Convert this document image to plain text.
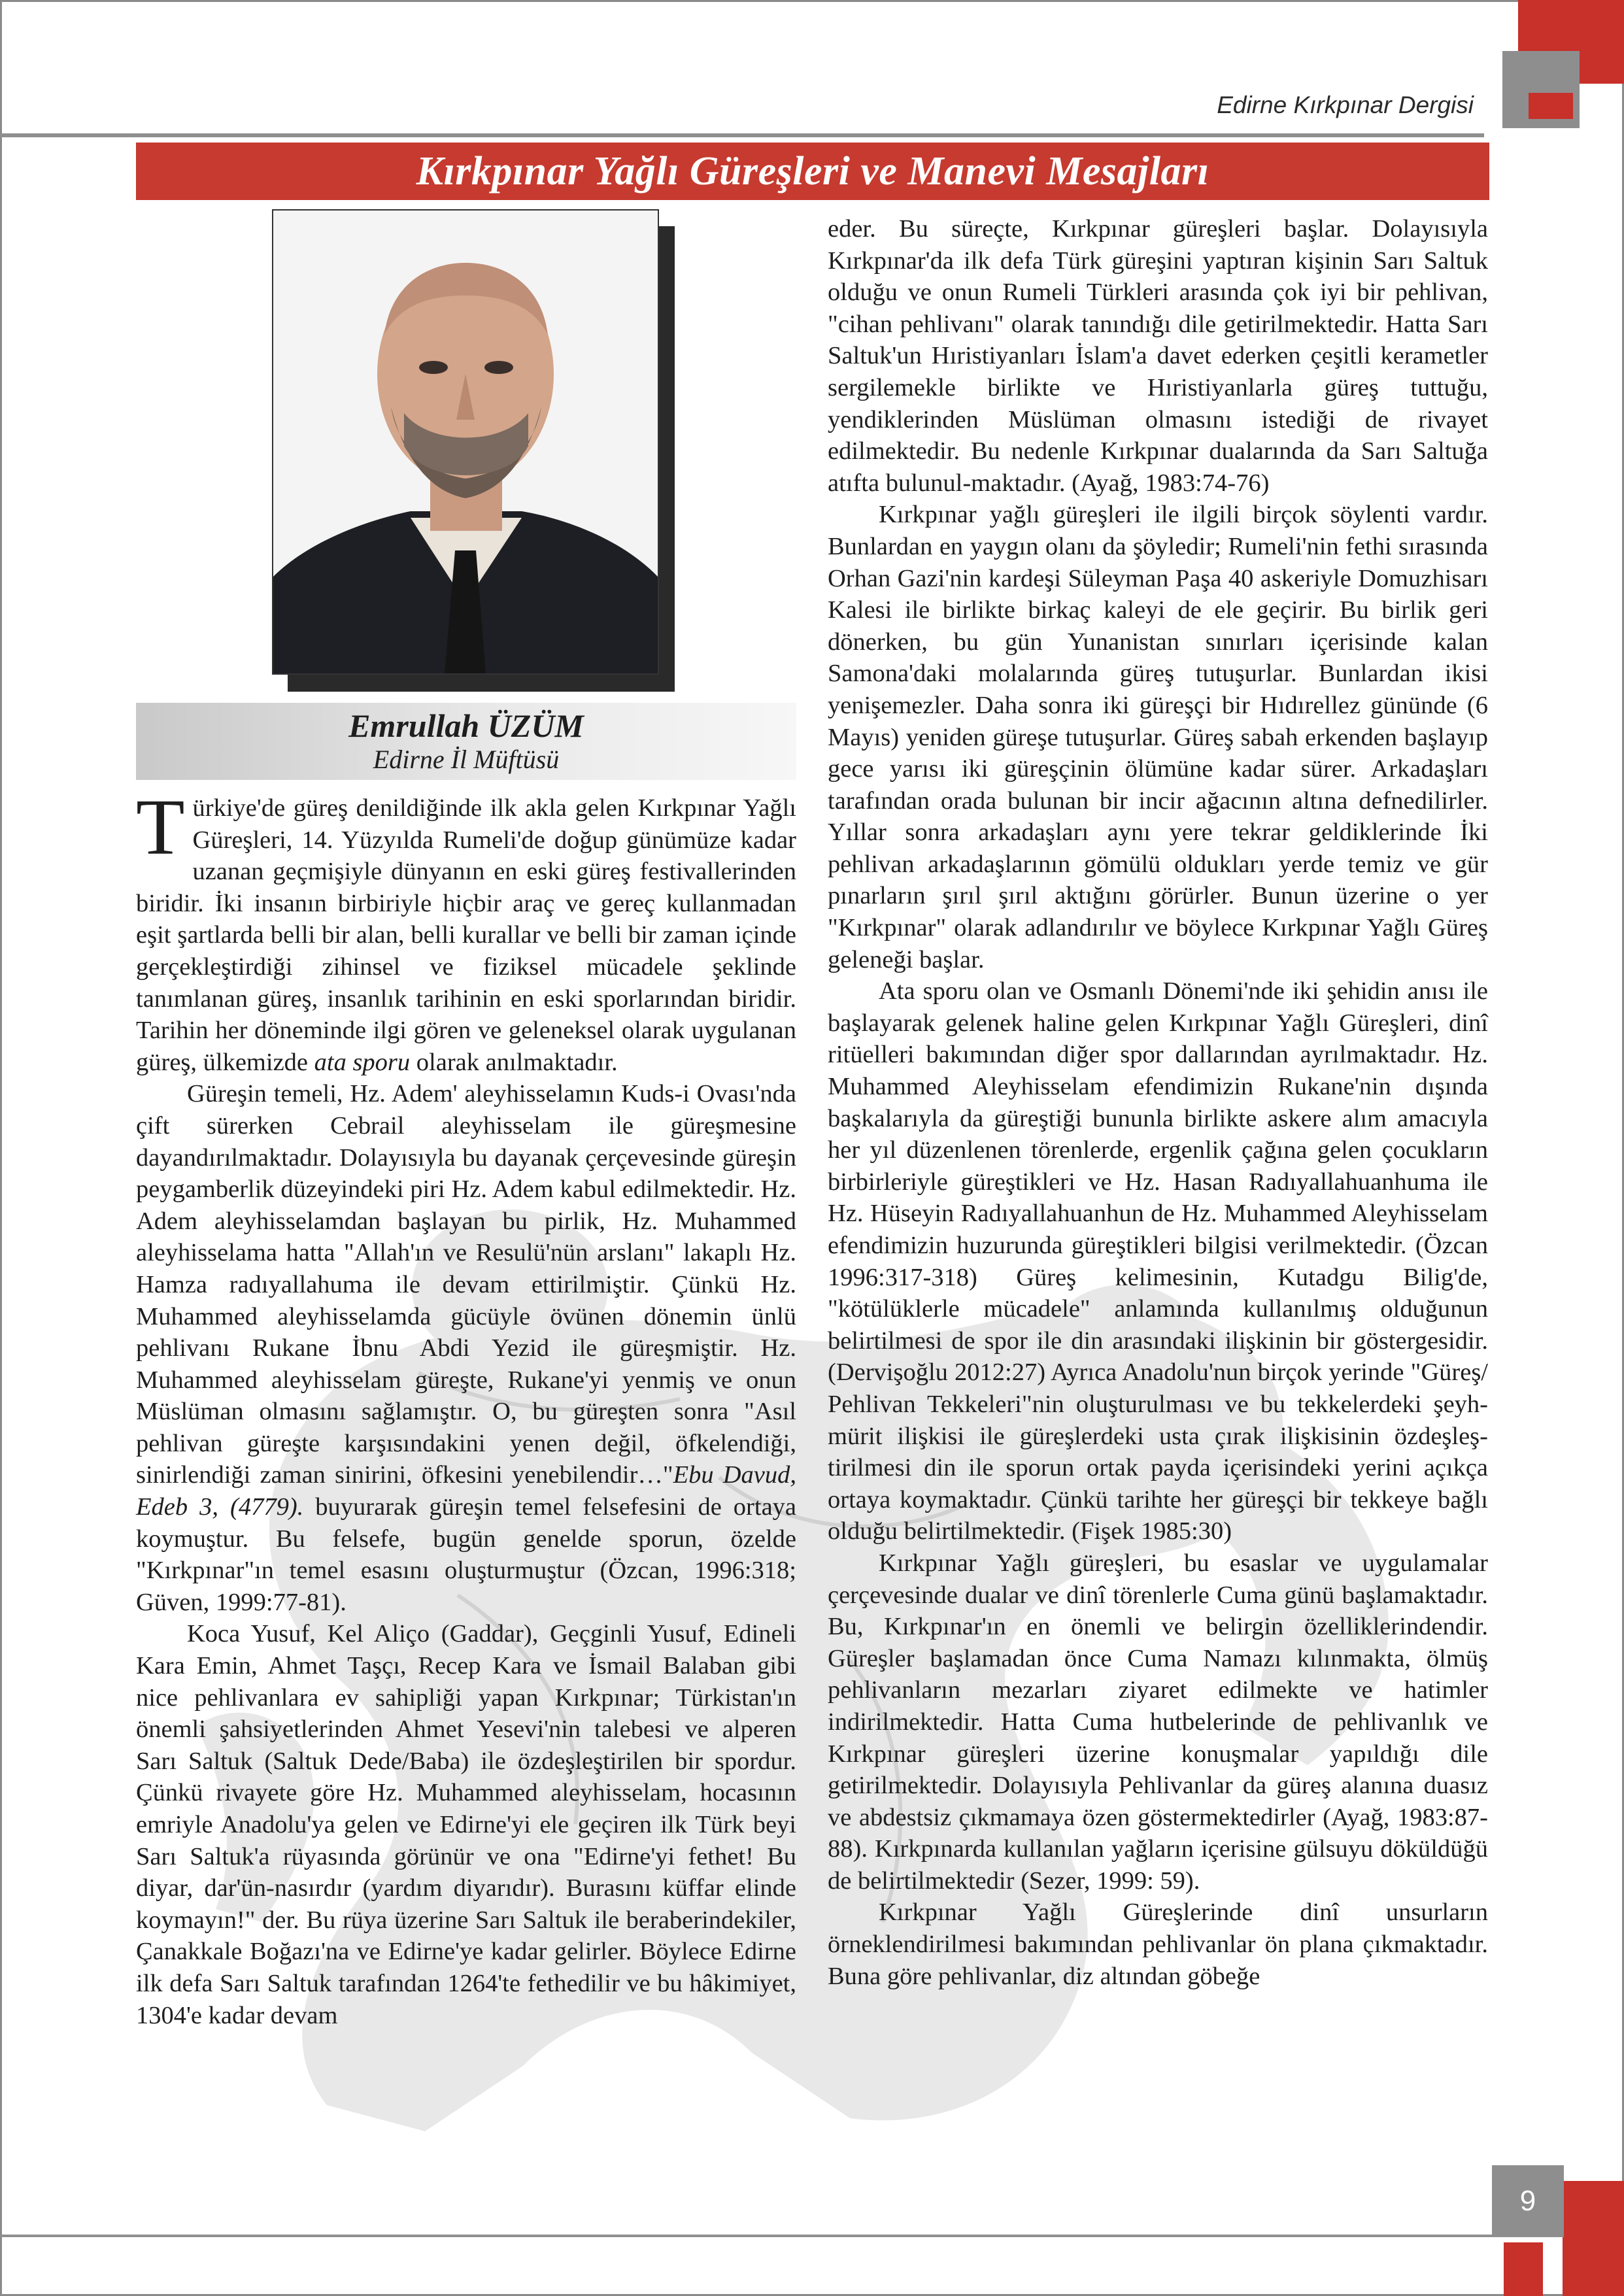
9
Edirne Kırkpınar Dergisi
Kırkpınar Yağlı Güreşleri ve Manevi Mesajları
Emrullah ÜZÜM
Edirne İl Müftüsü

Türkiye'de güreş denildiğinde ilk akla gelen Kırkpınar Yağlı Güreşleri, 14. Yüzyılda Rumeli'de doğup günümüze kadar uzanan geçmişiyle dünyanın en eski güreş festivallerinden biridir. İki insanın birbiriyle hiçbir araç ve gereç kullanmadan eşit şartlarda belli bir alan, belli kurallar ve belli bir zaman içinde gerçekleştirdiği zihinsel ve fiziksel mücadele şeklinde tanımlanan güreş, insanlık tarihinin en eski sporlarından biridir. Tarihin her döneminde ilgi gören ve geleneksel olarak uygulanan güreş, ülkemizde ata sporu olarak anılmaktadır.

Güreşin temeli, Hz. Adem' aleyhisselamın Kuds-i Ovası'nda çift sürerken Cebrail aleyhisselam ile güreşmesine dayandırılmaktadır. Dolayısıyla bu dayanak çerçevesinde güreşin peygamberlik düzeyindeki piri Hz. Adem kabul edilmektedir. Hz. Adem aleyhisselamdan başlayan bu pirlik, Hz. Muhammed aleyhisselama hatta "Allah'ın ve Resulü'nün arslanı" lakaplı Hz. Hamza radıyallahuma ile devam ettirilmiştir. Çünkü Hz. Muhammed aleyhisselamda gücüyle övünen dönemin ünlü pehlivanı Rukane İbnu Abdi Yezid ile güreşmiştir. Hz. Muhammed aleyhisselam güreşte, Rukane'yi yenmiş ve onun Müslüman olmasını sağlamıştır. O, bu güreşten sonra "Asıl pehlivan güreşte karşısındakini yenen değil, öfkelendiği, sinirlendiği zaman sinirini, öfkesini yenebilendir…"Ebu Davud, Edeb 3, (4779). buyurarak güreşin temel felsefesini de ortaya koymuştur. Bu felsefe, bugün genelde sporun, özelde "Kırkpınar"ın temel esasını oluşturmuştur (Özcan, 1996:318; Güven, 1999:77-81).

Koca Yusuf, Kel Aliço (Gaddar), Geçginli Yusuf, Edineli Kara Emin, Ahmet Taşçı, Recep Kara ve İsmail Balaban gibi nice pehlivanlara ev sahipliği yapan Kırkpınar; Türkistan'ın önemli şahsiyetlerinden Ahmet Yesevi'nin talebesi ve alperen Sarı Saltuk (Saltuk Dede/Baba) ile özdeşleştirilen bir spordur. Çünkü rivayete göre Hz. Muhammed aleyhisselam, hocasının emriyle Anadolu'ya gelen ve Edirne'yi ele geçiren ilk Türk beyi Sarı Saltuk'a rüyasında görünür ve ona "Edirne'yi fethet! Bu diyar, dar'ün-nasırdır (yardım diyarıdır). Burasını küffar elinde koymayın!" der. Bu rüya üzerine Sarı Saltuk ile beraberindekiler, Çanakkale Boğazı'na ve Edirne'ye kadar gelirler. Böylece Edirne ilk defa Sarı Saltuk tarafından 1264'te fethedilir ve bu hâkimiyet, 1304'e kadar devam

eder. Bu süreçte, Kırkpınar güreşleri başlar. Dolayısıyla Kırkpınar'da ilk defa Türk güreşini yaptıran kişinin Sarı Saltuk olduğu ve onun Rumeli Türkleri arasında çok iyi bir pehlivan, "cihan pehlivanı" olarak tanındığı dile getirilmektedir. Hatta Sarı Saltuk'un Hıristiyanları İslam'a davet ederken çeşitli kerametler sergilemekle birlikte ve Hıristiyanlarla güreş tuttuğu, yendiklerinden Müslüman olmasını istediği de rivayet edilmektedir. Bu nedenle Kırkpınar dualarında da Sarı Saltuğa atıfta bulunul-maktadır. (Ayağ, 1983:74-76)

Kırkpınar yağlı güreşleri ile ilgili birçok söylenti vardır. Bunlardan en yaygın olanı da şöyledir; Rumeli'nin fethi sırasında Orhan Gazi'nin kardeşi Süleyman Paşa 40 askeriyle Domuzhisarı Kalesi ile birlikte birkaç kaleyi de ele geçirir. Bu birlik geri dönerken, bu gün Yunanistan sınırları içerisinde kalan Samona'daki molalarında güreş tutuşurlar. Bunlardan ikisi yenişemezler. Daha sonra iki güreşçi bir Hıdırellez gününde (6 Mayıs) yeniden güreşe tutuşurlar. Güreş sabah erkenden başlayıp gece yarısı iki güreşçinin ölümüne kadar sürer. Arkadaşları tarafından orada bulunan bir incir ağacının altına defnedilirler. Yıllar sonra arkadaşları aynı yere tekrar geldiklerinde İki pehlivan arkadaşlarının gömülü oldukları yerde temiz ve gür pınarların şırıl şırıl aktığını görürler. Bunun üzerine o yer "Kırkpınar" olarak adlandırılır ve böylece Kırkpınar Yağlı Güreş geleneği başlar.

Ata sporu olan ve Osmanlı Dönemi'nde iki şehidin anısı ile başlayarak gelenek haline gelen Kırkpınar Yağlı Güreşleri, dinî ritüelleri bakımından diğer spor dallarından ayrılmaktadır. Hz. Muhammed Aleyhisselam efendimizin Rukane'nin dışında başkalarıyla da güreştiği bununla birlikte askere alım amacıyla her yıl düzenlenen törenlerde, ergenlik çağına gelen çocukların birbirleriyle güreştikleri ve Hz. Hasan Radıyallahuanhuma ile Hz. Hüseyin Radıyallahuanhun de Hz. Muhammed Aleyhisselam efendimizin huzurunda güreştikleri bilgisi verilmektedir. (Özcan 1996:317-318) Güreş kelimesinin, Kutadgu Bilig'de, "kötülüklerle mücadele" anlamında kullanılmış olduğunun belirtilmesi de spor ile din arasındaki ilişkinin bir göstergesidir. (Dervişoğlu 2012:27) Ayrıca Anadolu'nun birçok yerinde "Güreş/ Pehlivan Tekkeleri"nin oluşturulması ve bu tekkelerdeki şeyh-mürit ilişkisi ile güreşlerdeki usta çırak ilişkisinin özdeşleş-tirilmesi din ile sporun ortak payda içerisindeki yerini açıkça ortaya koymaktadır. Çünkü tarihte her güreşçi bir tekkeye bağlı olduğu belirtilmektedir. (Fişek 1985:30)

Kırkpınar Yağlı güreşleri, bu esaslar ve uygulamalar çerçevesinde dualar ve dinî törenlerle Cuma günü başlamaktadır. Bu, Kırkpınar'ın en önemli ve belirgin özelliklerindendir. Güreşler başlamadan önce Cuma Namazı kılınmakta, ölmüş pehlivanların mezarları ziyaret edilmekte ve hatimler indirilmektedir. Hatta Cuma hutbelerinde de pehlivanlık ve Kırkpınar güreşleri üzerine konuşmalar yapıldığı dile getirilmektedir. Dolayısıyla Pehlivanlar da güreş alanına duasız ve abdestsiz çıkmamaya özen göstermektedirler (Ayağ, 1983:87-88). Kırkpınarda kullanılan yağların içerisine gülsuyu döküldüğü de belirtilmektedir (Sezer, 1999: 59).

Kırkpınar Yağlı Güreşlerinde dinî unsurların örneklendirilmesi bakımından pehlivanlar ön plana çıkmaktadır. Buna göre pehlivanlar, diz altından göbeğe
